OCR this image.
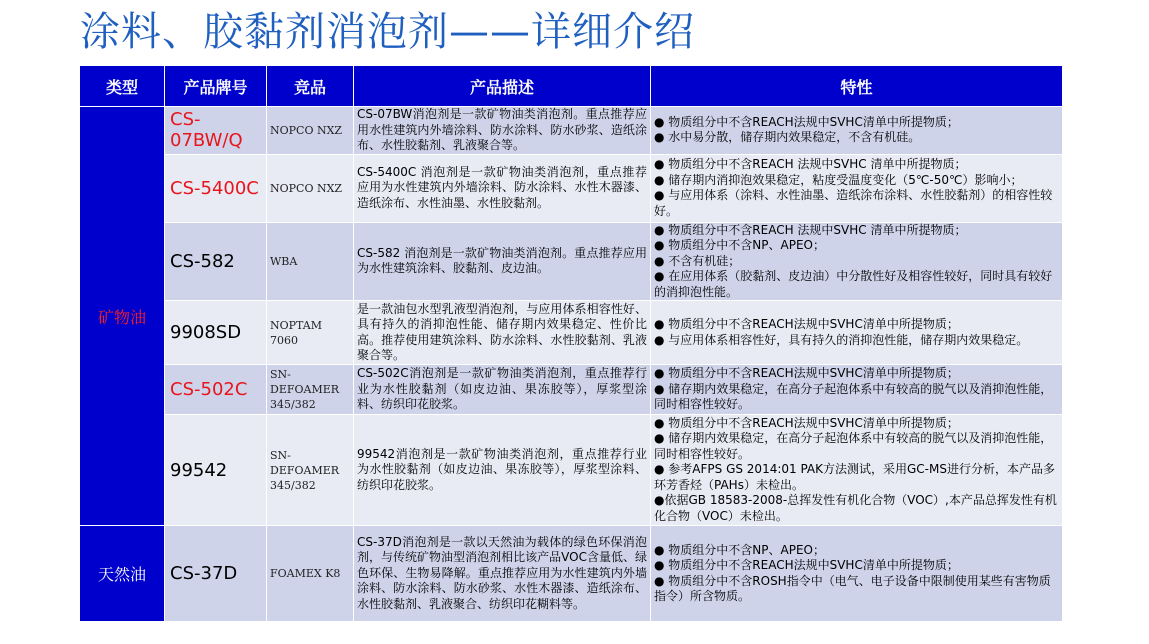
涂料、胶黏剂消泡剂——详细介绍
类型	产品牌号	竞品	产品描述	特性
矿物油	CS-07BW/Q	NOPCO NXZ	CS-07BW消泡剂是一款矿物油类消泡剂。重点推荐应用水性建筑内外墙涂料、防水涂料、防水砂浆、造纸涂布、水性胶黏剂、乳液聚合等。	● 物质组分中不含REACH法规中SVHC清单中所提物质；
● 水中易分散，储存期内效果稳定，不含有机硅。

	CS-5400C	NOPCO NXZ	CS-5400C 消泡剂是一款矿物油类消泡剂，重点推荐应用为水性建筑内外墙涂料、防水涂料、水性木器漆、造纸涂布、水性油墨、水性胶黏剂。	● 物质组分中不含REACH 法规中SVHC 清单中所提物质；
● 储存期内消抑泡效果稳定，粘度受温度变化（5℃-50℃）影响小；
● 与应用体系（涂料、水性油墨、造纸涂布涂料、水性胶黏剂）的相容性较好。

	CS-582	WBA	CS-582 消泡剂是一款矿物油类消泡剂。重点推荐应用为水性建筑涂料、胶黏剂、皮边油。	● 物质组分中不含REACH 法规中SVHC 清单中所提物质；
● 物质组分中不含NP、APEO；
● 不含有机硅；
● 在应用体系（胶黏剂、皮边油）中分散性好及相容性较好，同时具有较好的消抑泡性能。

	9908SD	NOPTAM 7060	是一款油包水型乳液型消泡剂，与应用体系相容性好、具有持久的消抑泡性能、储存期内效果稳定、性价比高。推荐使用建筑涂料、防水涂料、水性胶黏剂、乳液聚合等。	● 物质组分中不含REACH法规中SVHC清单中所提物质；
● 与应用体系相容性好，具有持久的消抑泡性能，储存期内效果稳定。

	CS-502C	SN-DEFOAMER 345/382	CS-502C消泡剂是一款矿物油类消泡剂，重点推荐行业为水性胶黏剂（如皮边油、果冻胶等），厚浆型涂料、纺织印花胶浆。	● 物质组分中不含REACH法规中SVHC清单中所提物质；
● 储存期内效果稳定，在高分子起泡体系中有较高的脱气以及消抑泡性能，同时相容性较好。

	99542	SN-DEFOAMER 345/382	99542消泡剂是一款矿物油类消泡剂，重点推荐行业为水性胶黏剂（如皮边油、果冻胶等），厚浆型涂料、纺织印花胶浆。	● 物质组分中不含REACH法规中SVHC清单中所提物质；
● 储存期内效果稳定，在高分子起泡体系中有较高的脱气以及消抑泡性能，同时相容性较好。
● 参考AFPS GS 2014:01 PAK方法测试，采用GC-MS进行分析，本产品多环芳香烃（PAHs）未检出。
●依据GB 18583-2008-总挥发性有机化合物（VOC）,本产品总挥发性有机化合物（VOC）未检出。

天然油	CS-37D	FOAMEX K8	CS-37D消泡剂是一款以天然油为载体的绿色环保消泡剂，与传统矿物油型消泡剂相比该产品VOC含量低、绿色环保、生物易降解。重点推荐应用为水性建筑内外墙涂料、防水涂料、防水砂浆、水性木器漆、造纸涂布、水性胶黏剂、乳液聚合、纺织印花糊料等。	● 物质组分中不含NP、APEO；
● 物质组分中不含REACH法规中SVHC清单中所提物质；
● 物质组分中不含ROSH指令中（电气、电子设备中限制使用某些有害物质指令）所含物质。
